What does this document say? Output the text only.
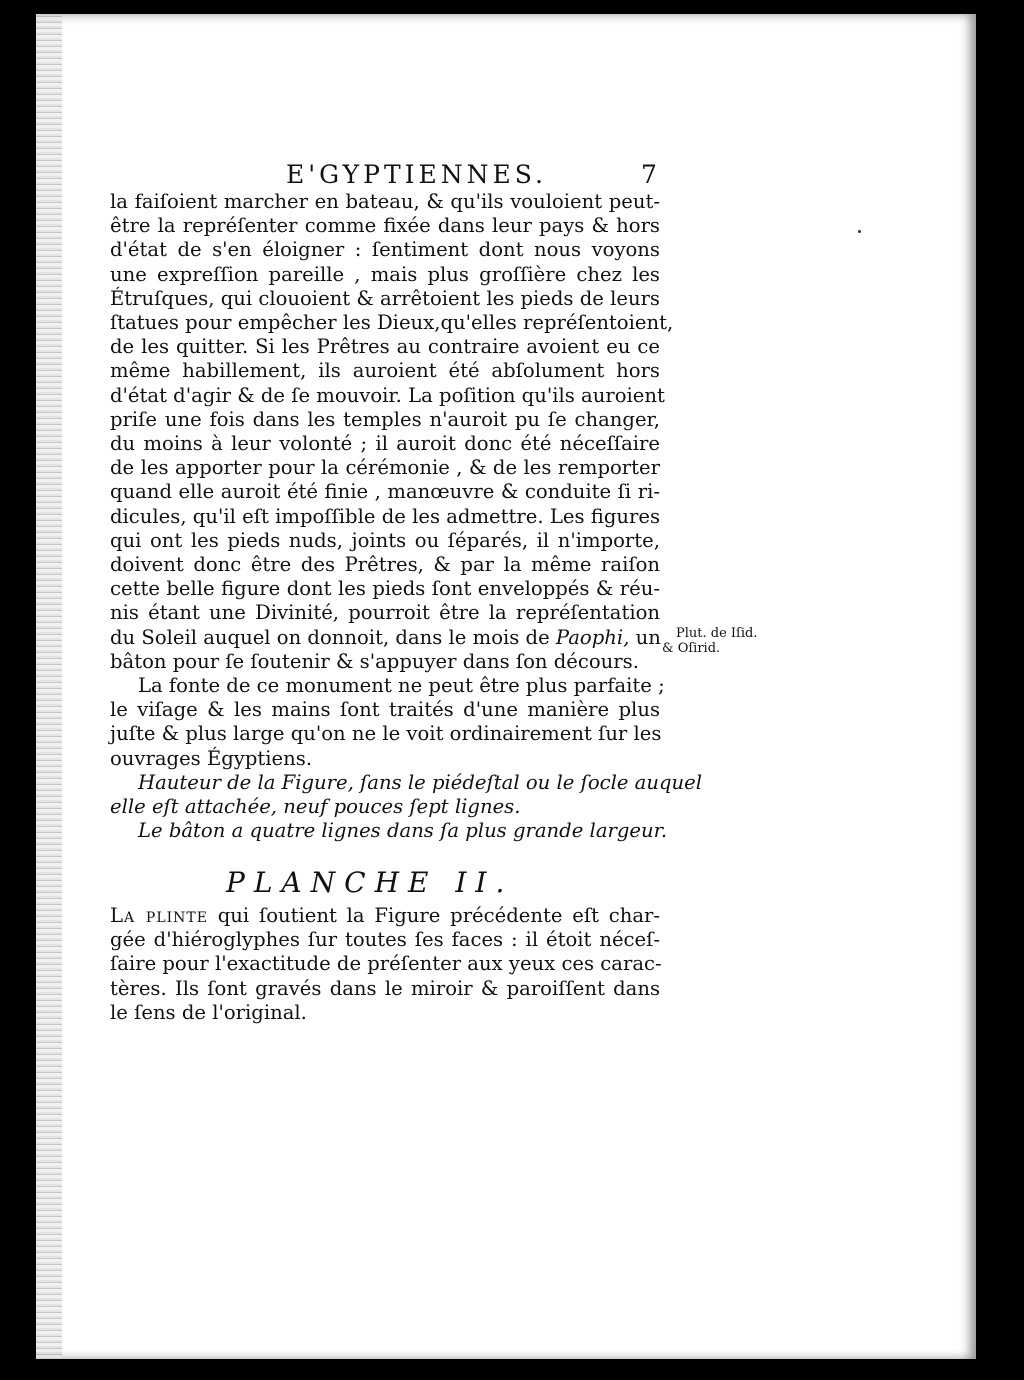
E'GYPTIENNES.	7
la faiſoient marcher en bateau, & qu'ils vouloient peut-
être la repréſenter comme fixée dans leur pays & hors
d'état de s'en éloigner : ſentiment dont nous voyons
une expreſſion pareille , mais plus groſſière chez les
Étruſques, qui clouoient & arrêtoient les pieds de leurs
ſtatues pour empêcher les Dieux,qu'elles repréſentoient,
de les quitter. Si les Prêtres au contraire avoient eu ce
même habillement, ils auroient été abſolument hors
d'état d'agir & de ſe mouvoir. La poſition qu'ils auroient
priſe une fois dans les temples n'auroit pu ſe changer,
du moins à leur volonté ; il auroit donc été néceſſaire
de les apporter pour la cérémonie , & de les remporter
quand elle auroit été finie , manœuvre & conduite ſi ri-
dicules, qu'il eſt impoſſible de les admettre. Les figures
qui ont les pieds nuds, joints ou ſéparés, il n'importe,
doivent donc être des Prêtres, & par la même raiſon
cette belle figure dont les pieds ſont enveloppés & réu-
nis étant une Divinité, pourroit être la repréſentation
du Soleil auquel on donnoit, dans le mois de Paophi, un
bâton pour ſe ſoutenir & s'appuyer dans ſon décours.
La fonte de ce monument ne peut être plus parfaite ;
le viſage & les mains ſont traités d'une manière plus
juſte & plus large qu'on ne le voit ordinairement ſur les
ouvrages Égyptiens.
Hauteur de la Figure, ſans le piédeſtal ou le ſocle auquel
elle eſt attachée, neuf pouces ſept lignes.
Le bâton a quatre lignes dans ſa plus grande largeur.
PLANCHE II.
La plinte qui ſoutient la Figure précédente eſt char-
gée d'hiéroglyphes ſur toutes ſes faces : il étoit néceſ-
ſaire pour l'exactitude de préſenter aux yeux ces carac-
tères. Ils ſont gravés dans le miroir & paroiſſent dans
le ſens de l'original.
Plut. de Iſid.
& Oſirid.
